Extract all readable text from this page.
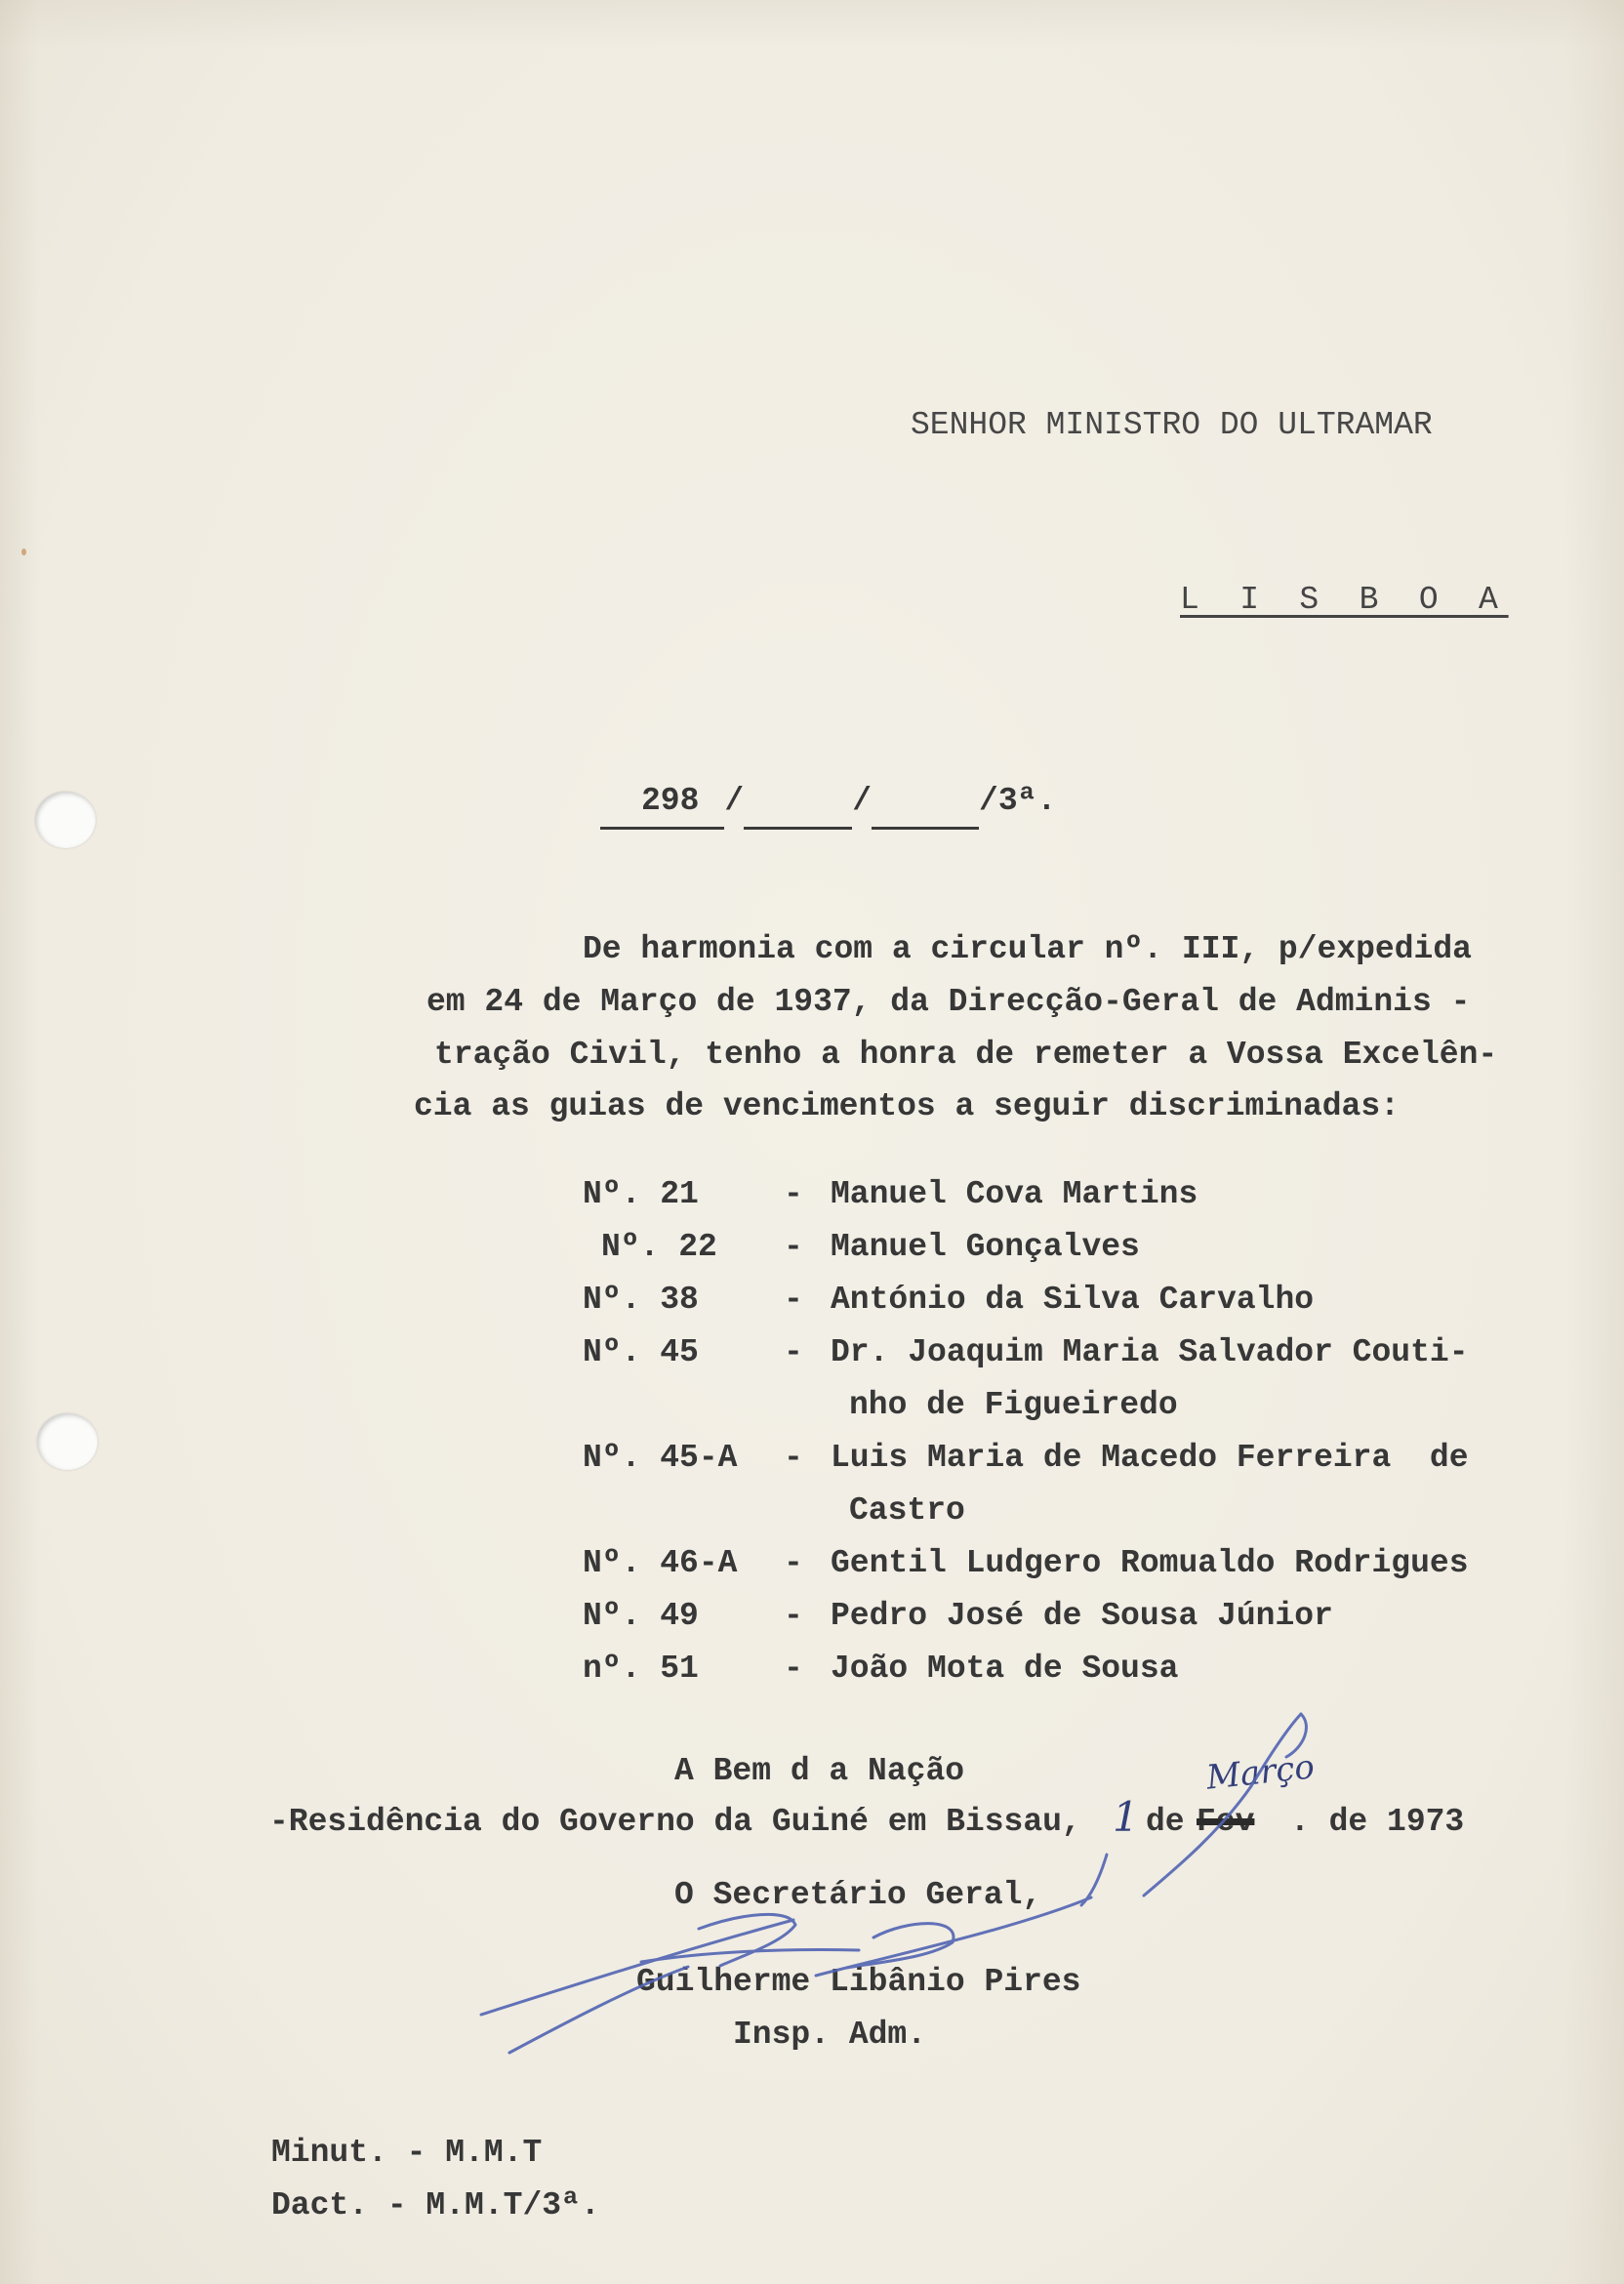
SENHOR MINISTRO DO ULTRAMAR
L I S B O A
298 /	/	/3ª.
De harmonia com a circular nº. III, p/expedida
em 24 de Março de 1937, da Direcção-Geral de Adminis -
tração Civil, tenho a honra de remeter a Vossa Excelên-
cia as guias de vencimentos a seguir discriminadas:
Nº. 21	- Manuel Cova Martins
Nº. 22 - Manuel Gonçalves
Nº. 38	- António da Silva Carvalho
Nº. 45	- Dr. Joaquim Maria Salvador Couti-
nho de Figueiredo
Nº. 45-A - Luis Maria de Macedo Ferreira  de
Castro
Nº. 46-A - Gentil Ludgero Romualdo Rodrigues
Nº. 49	- Pedro José de Sousa Júnior
nº. 51	- João Mota de Sousa
A Bem d a Nação	Março
-Residência do Governo da Guiné em Bissau, 1 de Fev . de 1973
O Secretário Geral,
Guilherme Libânio Pires
Insp. Adm.
Minut. - M.M.T
Dact. - M.M.T/3ª.
